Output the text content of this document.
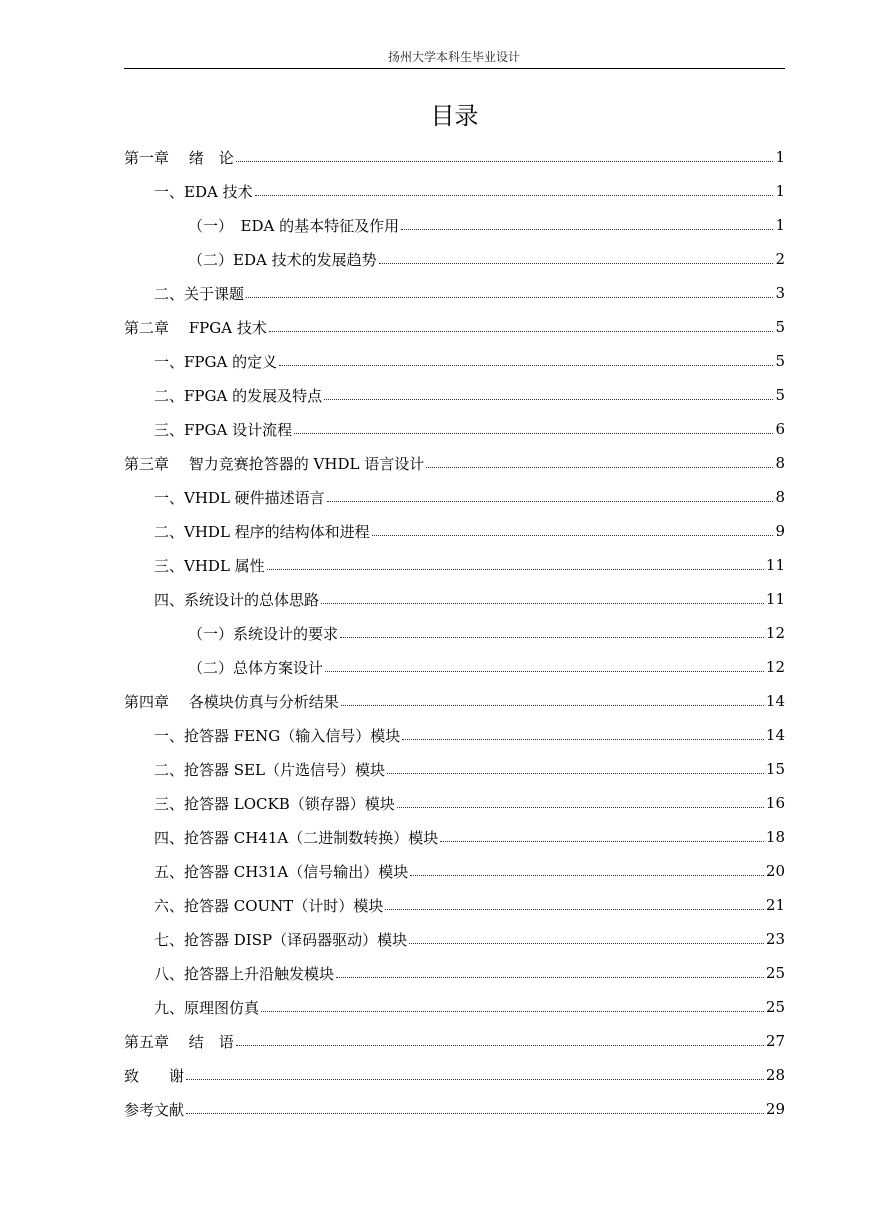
扬州大学本科生毕业设计
目录
第一章　 绪　论	1
一、EDA 技术	1
（一）　EDA 的基本特征及作用	1
（二）EDA 技术的发展趋势	2
二、关于课题	3
第二章　 FPGA 技术	5
一、FPGA 的定义	5
二、FPGA 的发展及特点	5
三、FPGA 设计流程	6
第三章　 智力竞赛抢答器的 VHDL 语言设计	8
一、VHDL 硬件描述语言	8
二、VHDL 程序的结构体和进程	9
三、VHDL 属性	11
四、系统设计的总体思路	11
（一）系统设计的要求	12
（二）总体方案设计	12
第四章　 各模块仿真与分析结果	14
一、抢答器 FENG（输入信号）模块	14
二、抢答器 SEL（片选信号）模块	15
三、抢答器 LOCKB（锁存器）模块	16
四、抢答器 CH41A（二进制数转换）模块	18
五、抢答器 CH31A（信号输出）模块	20
六、抢答器 COUNT（计时）模块	21
七、抢答器 DISP（译码器驱动）模块	23
八、抢答器上升沿触发模块	25
九、原理图仿真	25
第五章　 结　语	27
致　　谢	28
参考文献	29
